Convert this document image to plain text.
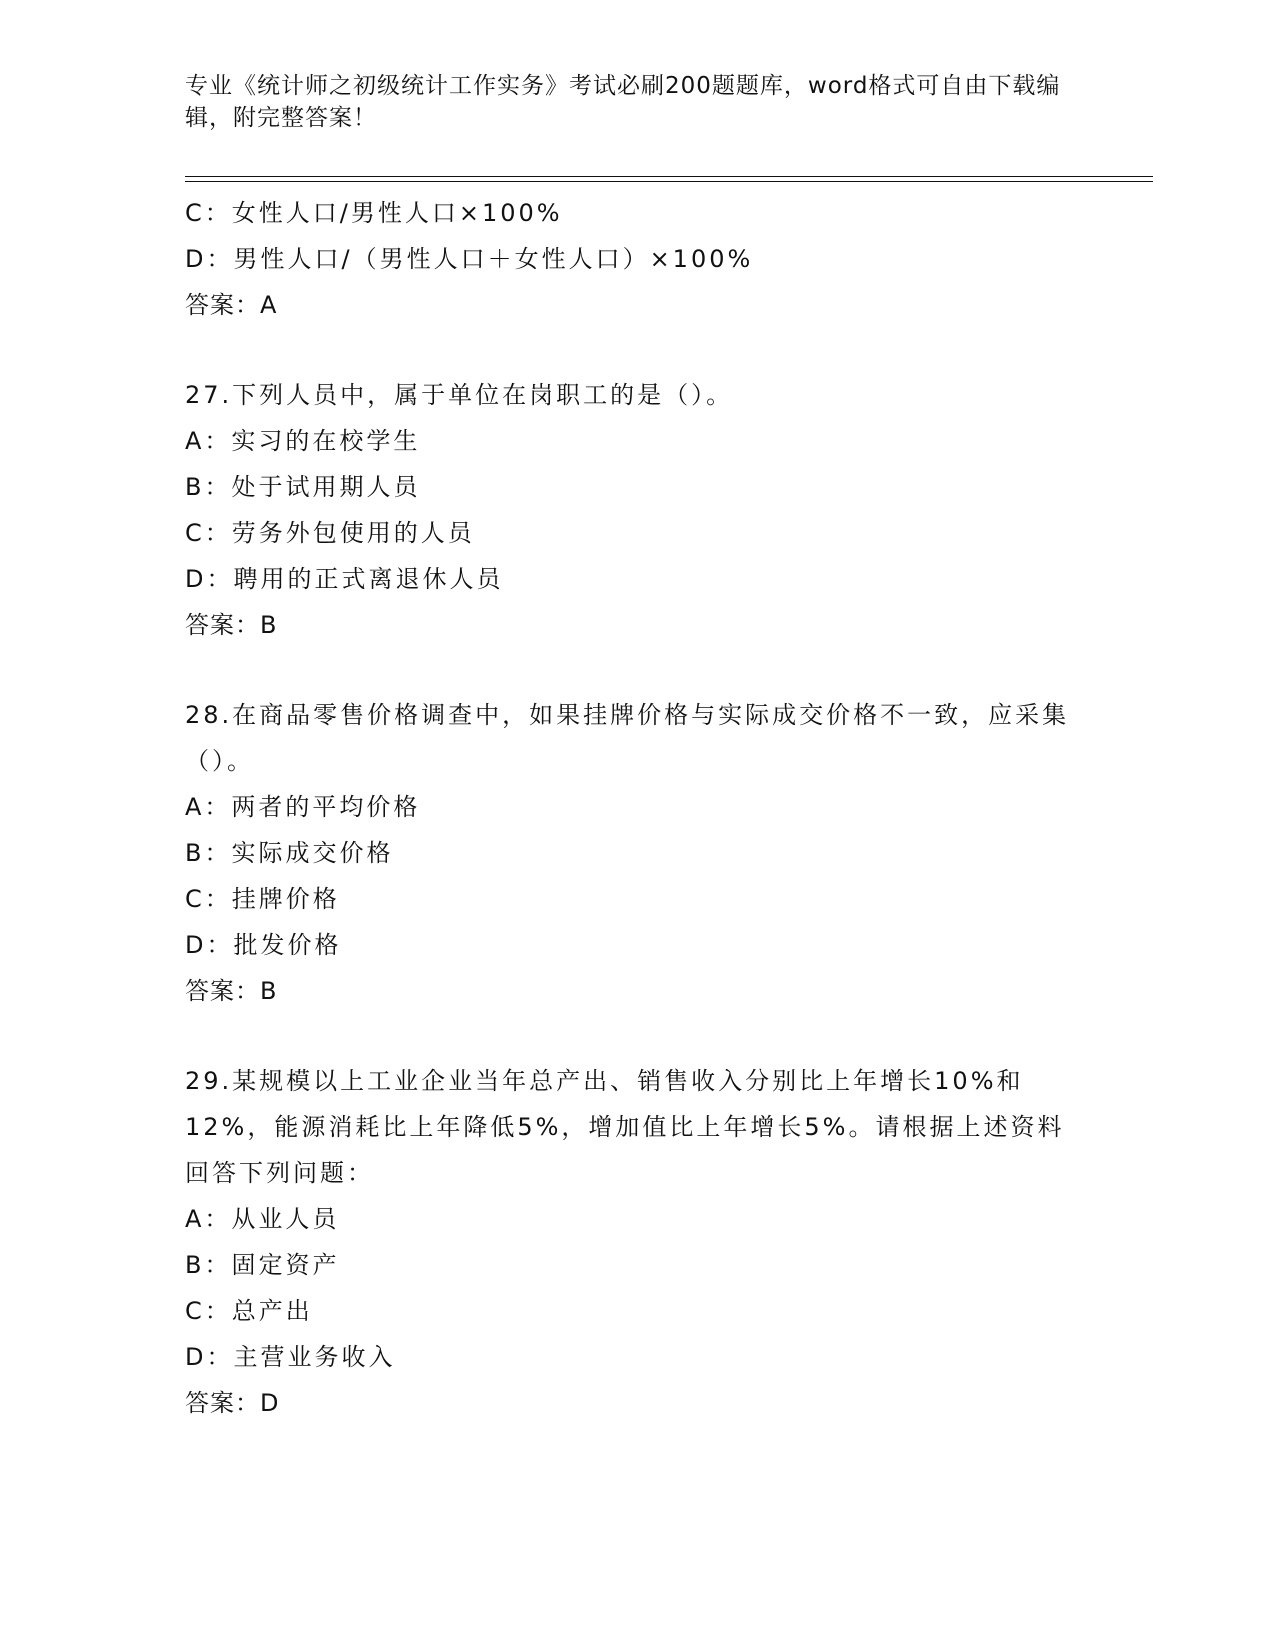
专业《统计师之初级统计工作实务》考试必刷200题题库，word格式可自由下载编辑，附完整答案！
C：女性人口/男性人口×100%
D：男性人口/（男性人口＋女性人口）×100%
答案：A
27.下列人员中，属于单位在岗职工的是（）。
A：实习的在校学生
B：处于试用期人员
C：劳务外包使用的人员
D：聘用的正式离退休人员
答案：B
28.在商品零售价格调查中，如果挂牌价格与实际成交价格不一致，应采集（）。
A：两者的平均价格
B：实际成交价格
C：挂牌价格
D：批发价格
答案：B
29.某规模以上工业企业当年总产出、销售收入分别比上年增长10%和12%，能源消耗比上年降低5%，增加值比上年增长5%。请根据上述资料回答下列问题：
A：从业人员
B：固定资产
C：总产出
D：主营业务收入
答案：D
